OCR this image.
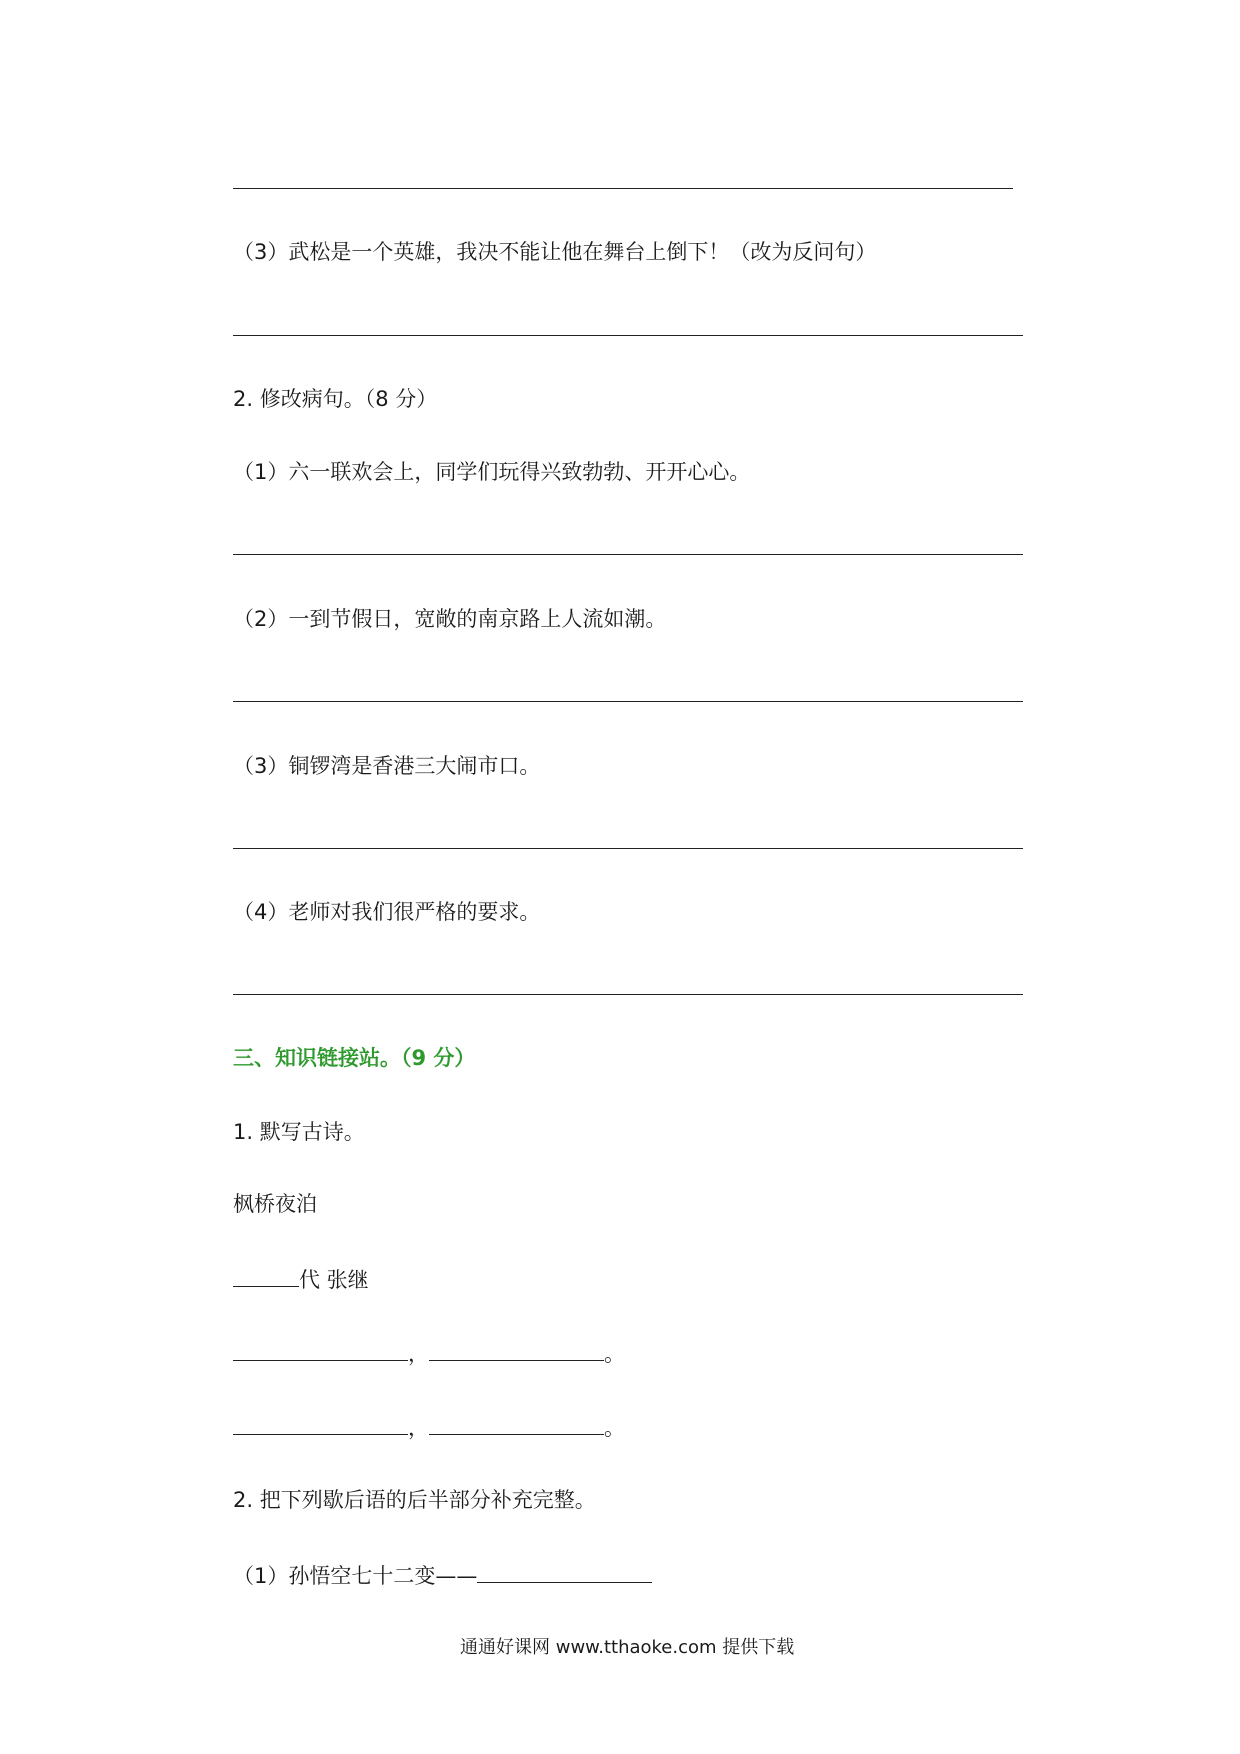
（3）武松是一个英雄，我决不能让他在舞台上倒下！（改为反问句）
2. 修改病句。（8 分）
（1）六一联欢会上，同学们玩得兴致勃勃、开开心心。
（2）一到节假日，宽敞的南京路上人流如潮。
（3）铜锣湾是香港三大闹市口。
（4）老师对我们很严格的要求。
三、知识链接站。（9 分）
1. 默写古诗。
枫桥夜泊
代 张继
，	。
，	。
2. 把下列歇后语的后半部分补充完整。
（1）孙悟空七十二变——
通通好课网 www.tthaoke.com 提供下载
